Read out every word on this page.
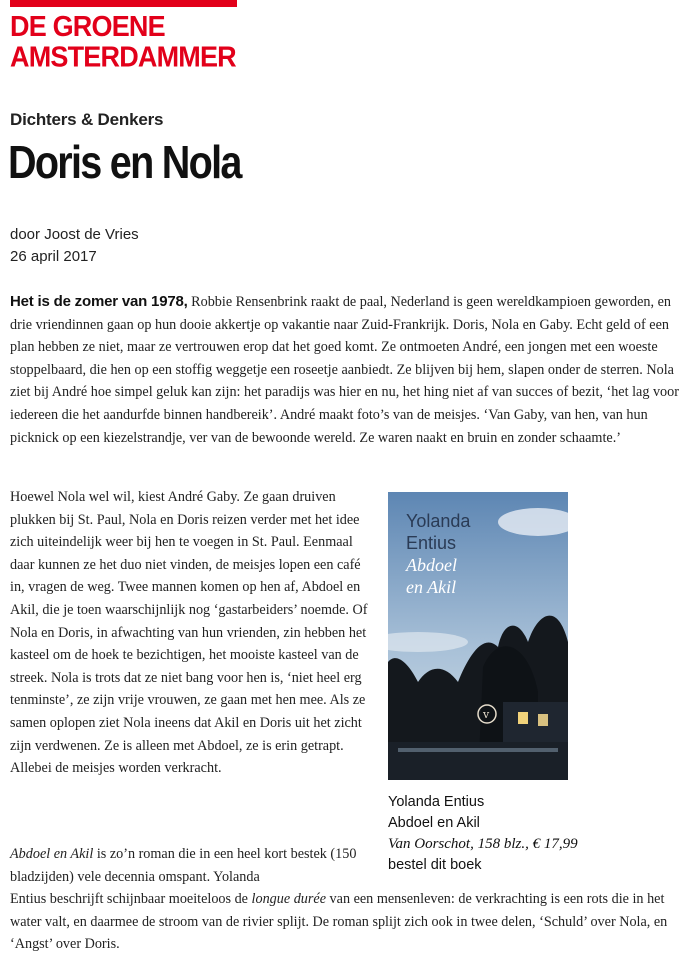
DE GROENE
AMSTERDAMMER
Dichters & Denkers
Doris en Nola
door Joost de Vries
26 april 2017

Het is de zomer van 1978, Robbie Rensenbrink raakt de paal, Nederland is geen wereldkampioen geworden, en drie vriendinnen gaan op hun dooie akkertje op vakantie naar Zuid-Frankrijk. Doris, Nola en Gaby. Echt geld of een plan hebben ze niet, maar ze vertrouwen erop dat het goed komt. Ze ontmoeten André, een jongen met een woeste stoppelbaard, die hen op een stoffig weggetje een roseetje aanbiedt. Ze blijven bij hem, slapen onder de sterren. Nola ziet bij André hoe simpel geluk kan zijn: het paradijs was hier en nu, het hing niet af van succes of bezit, ‘het lag voor iedereen die het aandurfde binnen handbereik’. André maakt foto’s van de meisjes. ‘Van Gaby, van hen, van hun picknick op een kiezelstrandje, ver van de bewoonde wereld. Ze waren naakt en bruin en zonder schaamte.’

Hoewel Nola wel wil, kiest André Gaby. Ze gaan druiven plukken bij St. Paul, Nola en Doris reizen verder met het idee zich uiteindelijk weer bij hen te voegen in St. Paul. Eenmaal daar kunnen ze het duo niet vinden, de meisjes lopen een café in, vragen de weg. Twee mannen komen op hen af, Abdoel en Akil, die je toen waarschijnlijk nog ‘gastarbeiders’ noemde. Of Nola en Doris, in afwachting van hun vrienden, zin hebben het kasteel om de hoek te bezichtigen, het mooiste kasteel van de streek. Nola is trots dat ze niet bang voor hen is, ‘niet heel erg tenminste’, ze zijn vrije vrouwen, ze gaan met hen mee. Als ze samen oplopen ziet Nola ineens dat Akil en Doris uit het zicht zijn verdwenen. Ze is alleen met Abdoel, ze is erin getrapt. Allebei de meisjes worden verkracht.

v
Yolanda
Entius
Abdoel
en Akil
Yolanda Entius
Abdoel en Akil
Van Oorschot, 158 blz., € 17,99
bestel dit boek

Abdoel en Akil is zo’n roman die in een heel kort bestek (150 bladzijden) vele decennia omspant. Yolanda
Entius beschrijft schijnbaar moeiteloos de longue durée van een mensenleven: de verkrachting is een rots die in het water valt, en daarmee de stroom van de rivier splijt. De roman splijt zich ook in twee delen, ‘Schuld’ over Nola, en ‘Angst’ over Doris.
